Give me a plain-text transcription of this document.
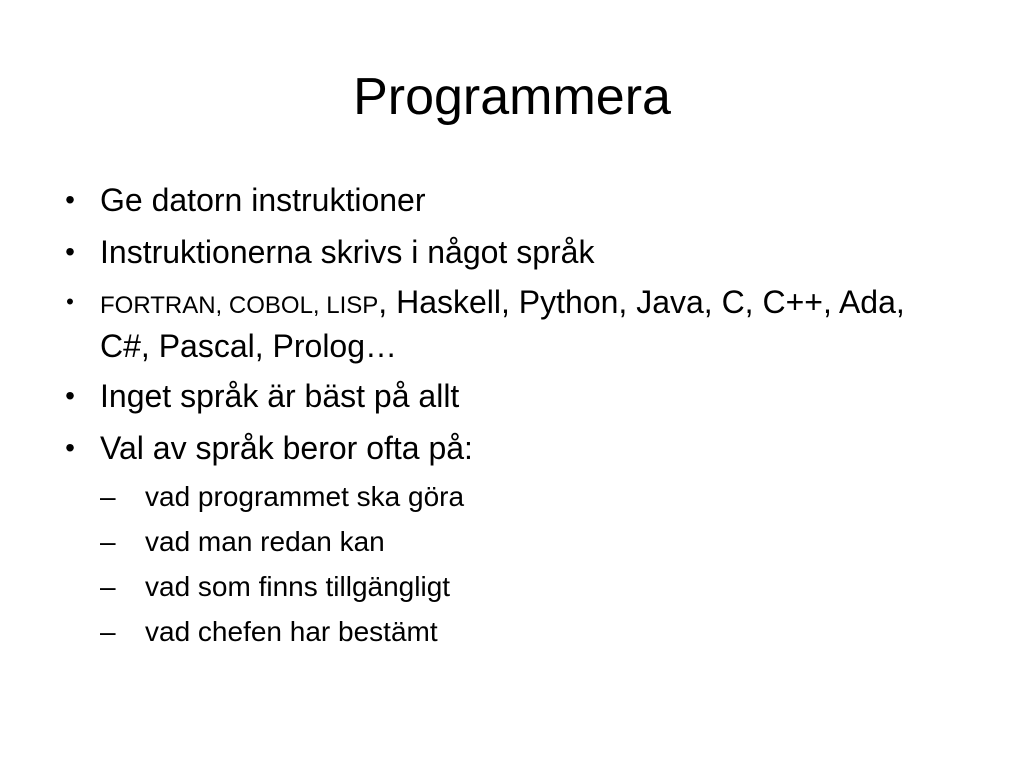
Programmera
• Ge datorn instruktioner
• Instruktionerna skrivs i något språk
• FORTRAN, COBOL, LISP, Haskell, Python, Java, C, C++, Ada, C#, Pascal, Prolog…
• Inget språk är bäst på allt
• Val av språk beror ofta på:
–	vad programmet ska göra
–	vad man redan kan
–	vad som finns tillgängligt
–	vad chefen har bestämt
